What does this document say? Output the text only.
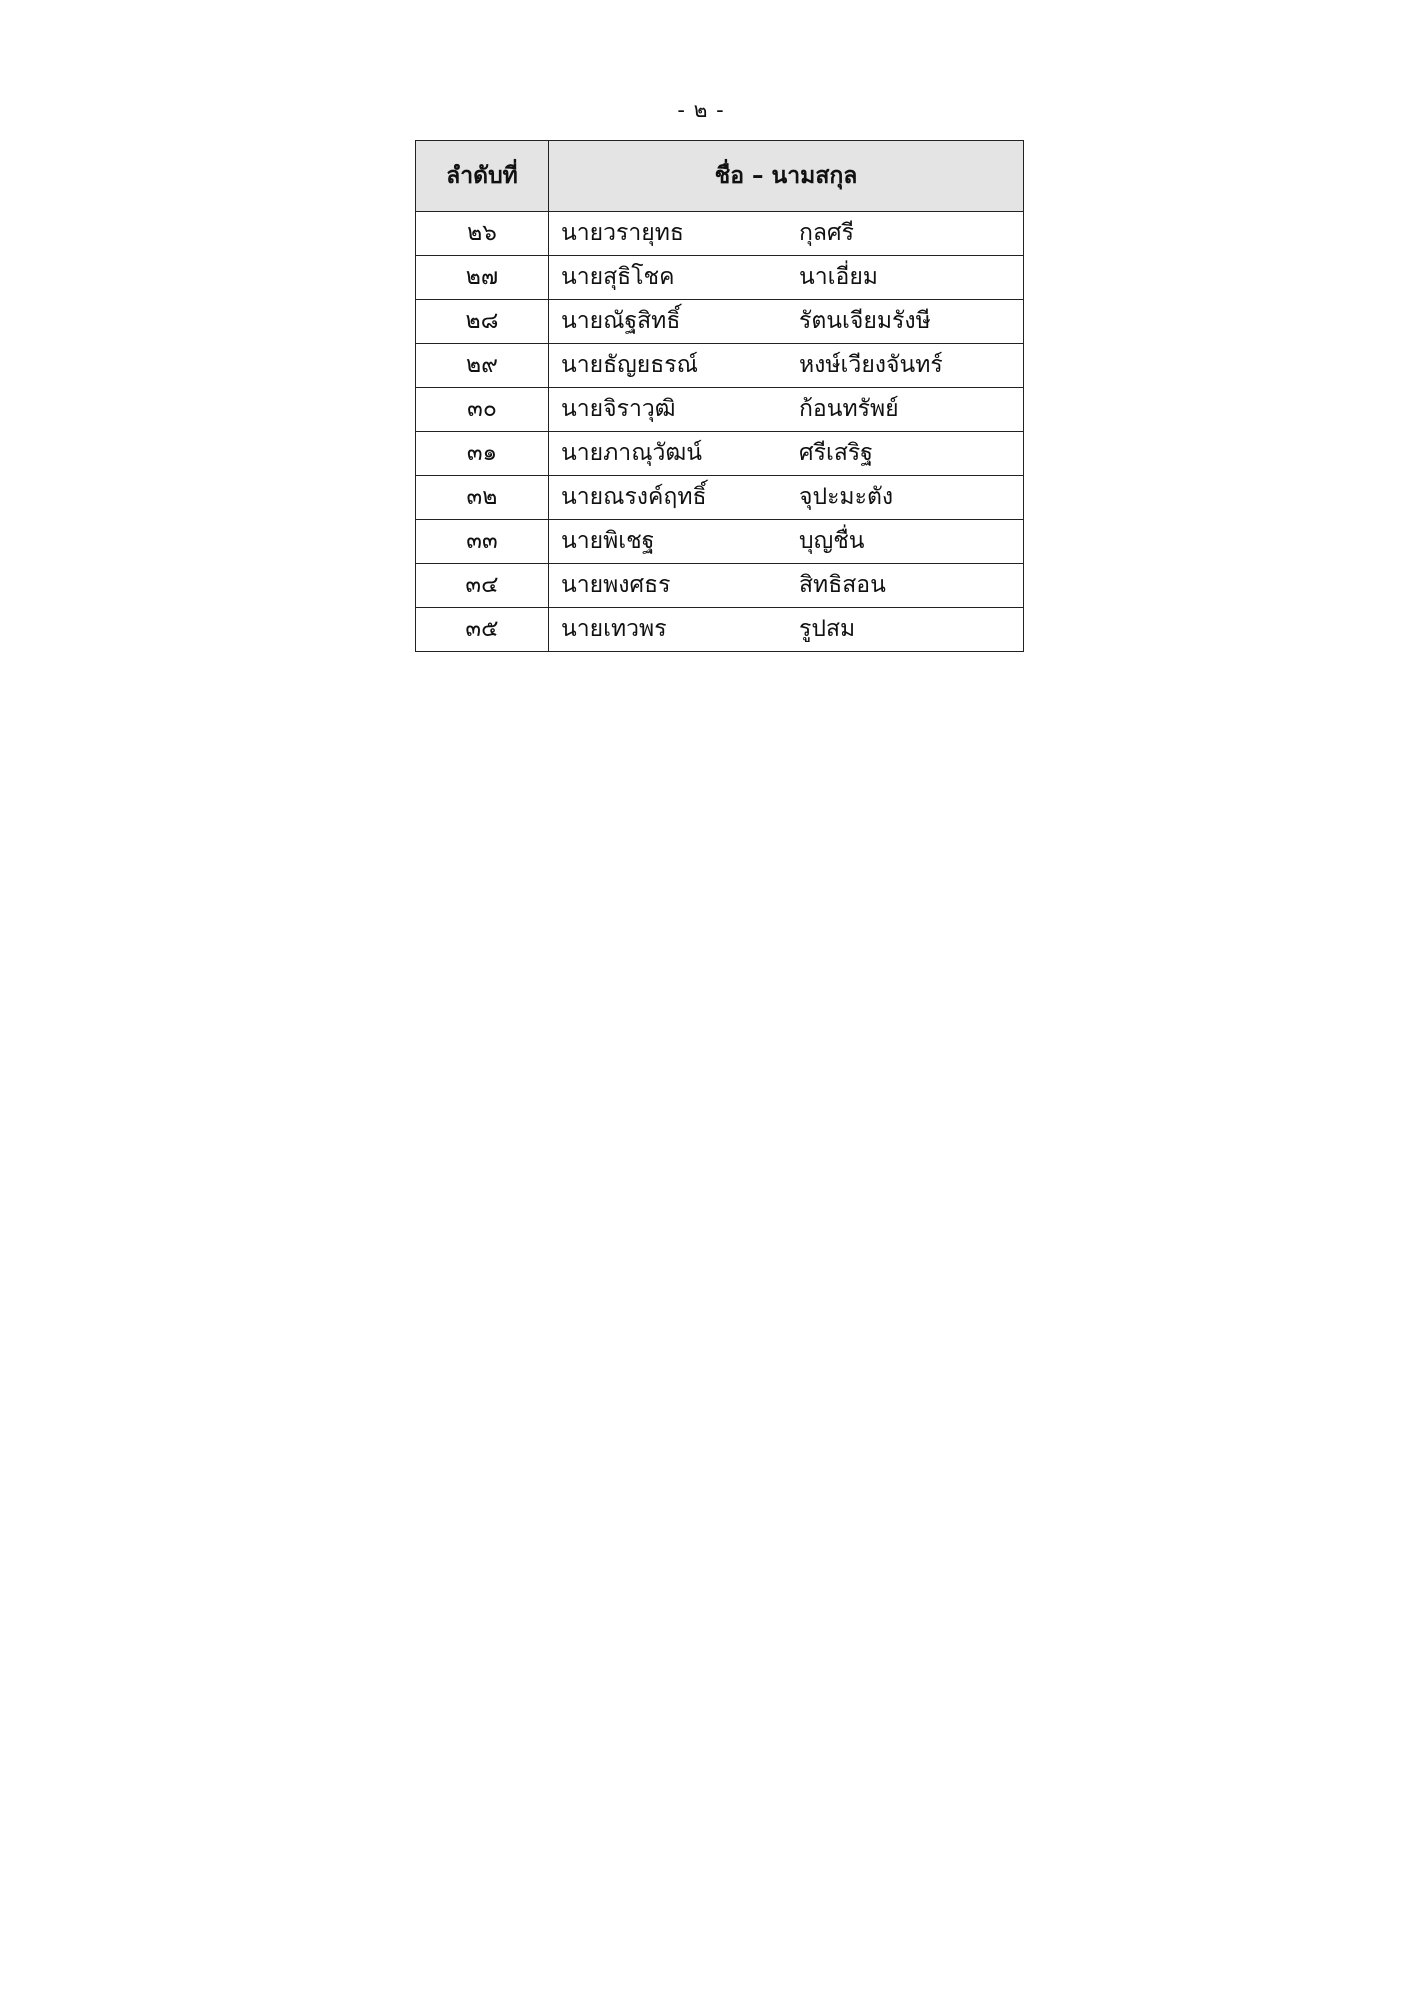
- ๒ -
ลำดับที่	ชื่อ – นามสกุล
๒๖	นายวรายุทธ กุลศรี
๒๗	นายสุธิโชค นาเอี่ยม
๒๘	นายณัฐสิทธิ์ รัตนเจียมรังษี
๒๙	นายธัญยธรณ์ หงษ์เวียงจันทร์
๓๐	นายจิราวุฒิ ก้อนทรัพย์
๓๑	นายภาณุวัฒน์ ศรีเสริฐ
๓๒	นายณรงค์ฤทธิ์ จุปะมะตัง
๓๓	นายพิเชฐ บุญชื่น
๓๔	นายพงศธร สิทธิสอน
๓๕	นายเทวพร รูปสม
